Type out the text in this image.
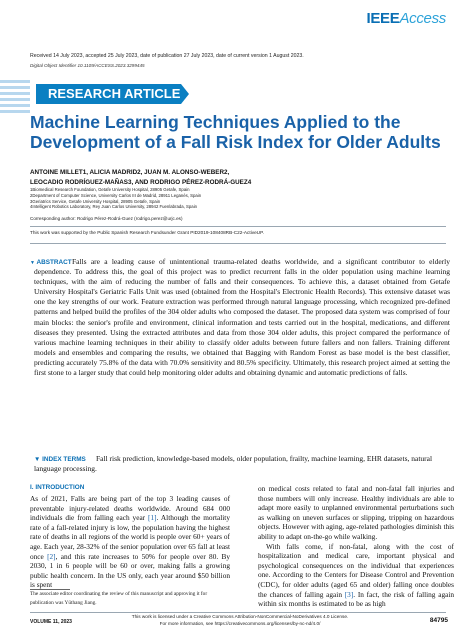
IEEEAccess
Received 14 July 2023, accepted 25 July 2023, date of publication 27 July 2023, date of current version 1 August 2023.
Digital Object Identifier 10.1109/ACCESS.2023.3299445
RESEARCH ARTICLE
Machine Learning Techniques Applied to the Development of a Fall Risk Index for Older Adults
ANTOINE MILLET1, ALICIA MADRID2, JUAN M. ALONSO-WEBER2,
LEOCADIO RODRÍGUEZ-MAÑAS3, AND RODRIGO PÉREZ-RODRÁ-GUEZ4
1Biomedical Research Foundation, Getafe University Hospital, 28905 Getafe, Spain
2Department of Computer Science, University Carlos III de Madrid, 28911 Leganés, Spain
3Geriatrics Service, Getafe University Hospital, 28905 Getafe, Spain
4Intelligent Robotics Laboratory, Rey Juan Carlos University, 28942 Fuenlabrada, Spain
Corresponding author: Rodrigo Pérez-Rodrá-Guez (rodrigo.perez@urjc.es)
This work was supported by the Public Spanish Research Fundsunder Grant PID2019-108408RB-C22-ActiveUP.
▼ ABSTRACT Falls are a leading cause of unintentional trauma-related deaths worldwide, and a significant contributor to elderly dependence. To address this, the goal of this project was to predict recurrent falls in the older population using machine learning techniques, with the aim of reducing the number of falls and their consequences. To achieve this, a dataset obtained from Getafe University Hospital's Geriatric Falls Unit was used (obtained from the Hospital's Electronic Health Records). This extensive dataset was one the key strengths of our work. Feature extraction was performed through natural language processing, which recognized pre-defined patterns and helped build the profiles of the 304 older adults who composed the dataset. The proposed data system was comprised of four main blocks: the senior's profile and environment, clinical information and tests carried out in the hospital, medications, and different diseases they presented. Using the extracted attributes and data from those 304 older adults, this project compared the performance of various machine learning techniques in their ability to classify older adults between future fallers and non fallers. Training different models and ensembles and comparing the results, we obtained that Bagging with Random Forest as base model is the best classifier, predicting accurately 75.8% of the data with 70.0% sensitivity and 80.5% specificity. Ultimately, this research project aimed at setting the first stone to a larger study that could help monitoring older adults and obtaining dynamic and automatic predictions of falls.
▼ INDEX TERMS	Fall risk prediction, knowledge-based models, older population, frailty, machine learning, EHR datasets, natural language processing.
I. INTRODUCTION
As of 2021, Falls are being part of the top 3 leading causes of preventable injury-related deaths worldwide. Around 684 000 individuals die from falling each year [1]. Although the mortality rate of a fall-related injury is low, the population having the highest rate of deaths in all regions of the world is people over 60+ years of age. Each year, 28-32% of the senior population over 65 fall at least once [2], and this rate increases to 50% for people over 80. By 2030, 1 in 6 people will be 60 or over, making falls a growing public health concern. In the US only, each year around $50 billion is spent
The associate editor coordinating the review of this manuscript and approving it for publication was Yüthang Jiang.
on medical costs related to fatal and non-fatal fall injuries and those numbers will only increase. Healthy individuals are able to adapt more easily to unplanned environmental perturbations such as walking on uneven surfaces or slipping, tripping on hazardous objects. However with aging, age-related pathologies diminish this ability to adapt on-the-go while walking.
With falls come, if non-fatal, along with the cost of hospitalization and medical care, important physical and psychological consequences on the individual that experiences one. According to the Centers for Disease Control and Prevention (CDC), for older adults (aged 65 and older) falling once doubles the chances of falling again [3]. In fact, the risk of falling again within six months is estimated to be as high
VOLUME 11, 2023
This work is licensed under a Creative Commons Attribution-NonCommercial-NoDerivatives 4.0 License.
For more information, see https://creativecommons.org/licenses/by-nc-nd/4.0/	84795
